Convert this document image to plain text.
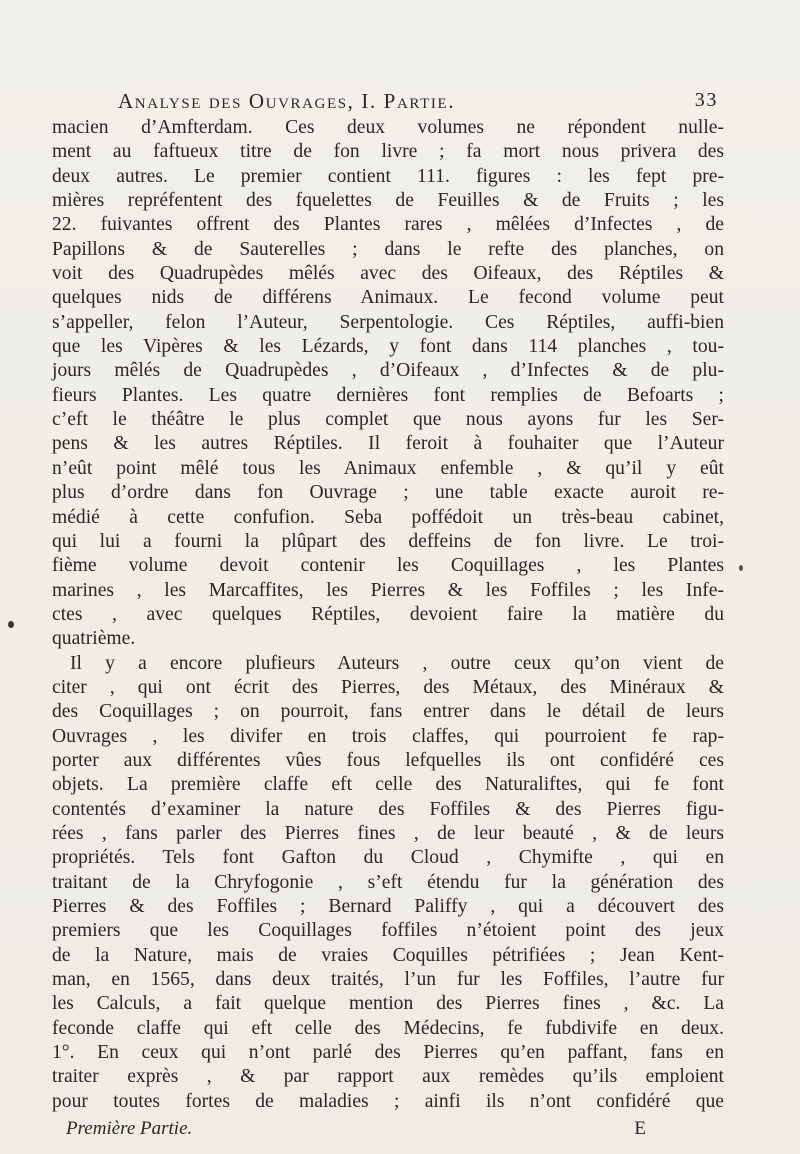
Analyse des Ouvrages, I. Partie.	33
macien d’Amfterdam. Ces deux volumes ne répondent nulle-
ment au faftueux titre de fon livre ; fa mort nous privera des
deux autres. Le premier contient 111. figures : les fept pre-
mières repréfentent des fquelettes de Feuilles & de Fruits ; les
22. fuivantes offrent des Plantes rares , mêlées d’Infectes , de
Papillons & de Sauterelles ; dans le refte des planches, on
voit des Quadrupèdes mêlés avec des Oifeaux, des Réptiles &
quelques nids de différens Animaux. Le fecond volume peut
s’appeller, felon l’Auteur, Serpentologie. Ces Réptiles, auffi-bien
que les Vipères & les Lézards, y font dans 114 planches , tou-
jours mêlés de Quadrupèdes , d’Oifeaux , d’Infectes & de plu-
fieurs Plantes. Les quatre dernières font remplies de Befoarts ;
c’eft le théâtre le plus complet que nous ayons fur les Ser-
pens & les autres Réptiles. Il feroit à fouhaiter que l’Auteur
n’eût point mêlé tous les Animaux enfemble , & qu’il y eût
plus d’ordre dans fon Ouvrage ; une table exacte auroit re-
médié à cette confufion. Seba poffédoit un très-beau cabinet,
qui lui a fourni la plûpart des deffeins de fon livre. Le troi-
fième volume devoit contenir les Coquillages , les Plantes
marines , les Marcaffites, les Pierres & les Foffiles ; les Infe-
ctes , avec quelques Réptiles, devoient faire la matière du
quatrième.
Il y a encore plufieurs Auteurs , outre ceux qu’on vient de
citer , qui ont écrit des Pierres, des Métaux, des Minéraux &
des Coquillages ; on pourroit, fans entrer dans le détail de leurs
Ouvrages , les divifer en trois claffes, qui pourroient fe rap-
porter aux différentes vûes fous lefquelles ils ont confidéré ces
objets. La première claffe eft celle des Naturaliftes, qui fe font
contentés d’examiner la nature des Foffiles & des Pierres figu-
rées , fans parler des Pierres fines , de leur beauté , & de leurs
propriétés. Tels font Gafton du Cloud , Chymifte , qui en
traitant de la Chryfogonie , s’eft étendu fur la génération des
Pierres & des Foffiles ; Bernard Paliffy , qui a découvert des
premiers que les Coquillages foffiles n’étoient point des jeux
de la Nature, mais de vraies Coquilles pétrifiées ; Jean Kent-
man, en 1565, dans deux traités, l’un fur les Foffiles, l’autre fur
les Calculs, a fait quelque mention des Pierres fines , &c. La
feconde claffe qui eft celle des Médecins, fe fubdivife en deux.
1°. En ceux qui n’ont parlé des Pierres qu’en paffant, fans en
traiter exprès , & par rapport aux remèdes qu’ils emploient
pour toutes fortes de maladies ; ainfi ils n’ont confidéré que
Première Partie.	E
